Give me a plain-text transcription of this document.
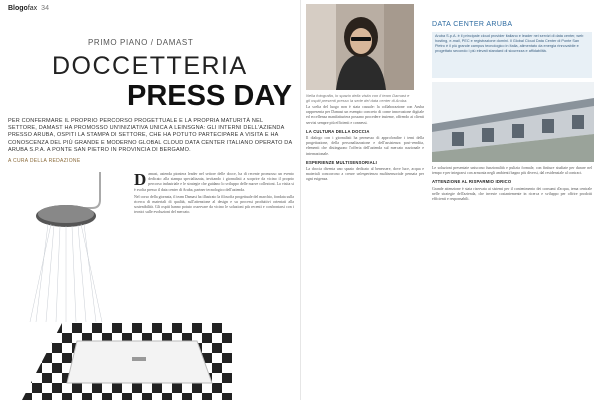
Blogofax 34
PRIMO PIANO / DAMAST
DOCCETTERIA
PRESS DAY
PER CONFERMARE IL PROPRIO PERCORSO PROGETTUALE E LA PROPRIA MATURITÀ NEL SETTORE, DAMAST HA PROMOSSO UN'INIZIATIVA UNICA A LEINSGNA: GLI INTERNI DELL'AZIENDA PRESSO ARUBA, OSPITI LA STAMPA DI SETTORE, CHE HA POTUTO PARTECIPARE A VISITA E HA CONOSCENZA DEL PIÙ GRANDE E MODERNO GLOBAL CLOUD DATA CENTER ITALIANO OPERATO DA ARUBA S.P.A. A PONTE SAN PIETRO IN PROVINCIA DI BERGAMO.
A CURA DELLA REDAZIONE
D amast, azienda pioniera leader nel settore delle docce, ha di recente promosso un evento dedicato alla stampa specializzata, invitando i giornalisti a scoprire da vicino il proprio percorso industriale e le strategie che guidano lo sviluppo delle nuove collezioni. La visita si è svolta presso il data center di Aruba, partner tecnologico dell'azienda.

Nel corso della giornata, il team Damast ha illustrato la filosofia progettuale del marchio, fondata sulla ricerca di materiali di qualità, sull'attenzione al design e su processi produttivi orientati alla sostenibilità. Gli ospiti hanno potuto osservare da vicino le soluzioni più recenti e confrontarsi con i tecnici sulle evoluzioni del mercato.

Nella fotografia, lo spazio della visita con il team Damast e gli ospiti presenti presso la sede del data center di Aruba.

La scelta del luogo non è stata casuale: la collaborazione con Aruba rappresenta per Damast un esempio concreto di come innovazione digitale ed eccellenza manifatturiera possano procedere insieme, offrendo ai clienti servizi sempre più efficienti e connessi.

LA CULTURA DELLA DOCCIA

Il dialogo con i giornalisti ha permesso di approfondire i temi della progettazione, della personalizzazione e dell'assistenza post-vendita, elementi che distinguono l'offerta dell'azienda sul mercato nazionale e internazionale.

ESPERIENZE MULTISENSORIALI

La doccia diventa uno spazio dedicato al benessere, dove luce, acqua e materiali concorrono a creare un'esperienza multisensoriale pensata per ogni esigenza.

DATA CENTER ARUBA
Aruba S.p.A. è il principale cloud provider italiano e leader nei servizi di data center, web hosting, e-mail, PEC e registrazione domini. Il Global Cloud Data Center di Ponte San Pietro è il più grande campus tecnologico in Italia, alimentato da energia rinnovabile e progettato secondo i più elevati standard di sicurezza e affidabilità.

Le soluzioni presentate uniscono funzionalità e pulizia formale, con finiture studiate per durare nel tempo e per integrarsi con armonia negli ambienti bagno più diversi, dal residenziale al contract.

ATTENZIONE AL RISPARMIO IDRICO

Grande attenzione è stata riservata ai sistemi per il contenimento dei consumi d'acqua, tema centrale nelle strategie dell'azienda, che investe costantemente in ricerca e sviluppo per offrire prodotti efficienti e responsabili.
